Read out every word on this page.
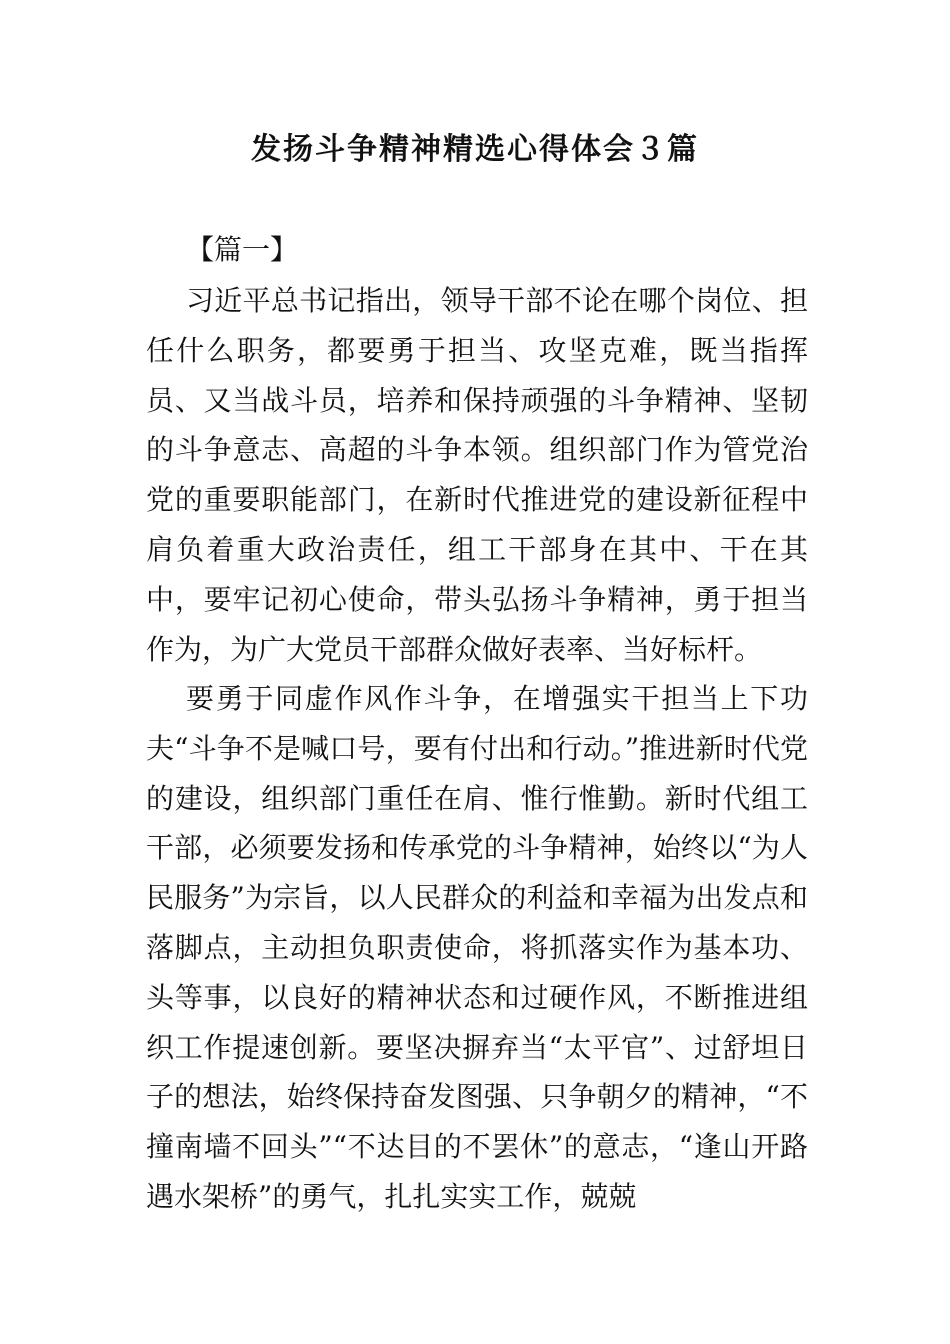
发扬斗争精神精选心得体会３篇

【篇一】

习近平总书记指出，领导干部不论在哪个岗位、担任什么职务，都要勇于担当、攻坚克难，既当指挥员、又当战斗员，培养和保持顽强的斗争精神、坚韧的斗争意志、高超的斗争本领。组织部门作为管党治党的重要职能部门，在新时代推进党的建设新征程中肩负着重大政治责任，组工干部身在其中、干在其中，要牢记初心使命，带头弘扬斗争精神，勇于担当作为，为广大党员干部群众做好表率、当好标杆。

要勇于同虚作风作斗争，在增强实干担当上下功夫“斗争不是喊口号，要有付出和行动。”推进新时代党的建设，组织部门重任在肩、惟行惟勤。新时代组工干部，必须要发扬和传承党的斗争精神，始终以“为人民服务”为宗旨，以人民群众的利益和幸福为出发点和落脚点，主动担负职责使命，将抓落实作为基本功、头等事，以良好的精神状态和过硬作风，不断推进组织工作提速创新。要坚决摒弃当“太平官”、过舒坦日子的想法，始终保持奋发图强、只争朝夕的精神，“不撞南墙不回头”“不达目的不罢休”的意志，“逢山开路遇水架桥”的勇气，扎扎实实工作，兢兢
